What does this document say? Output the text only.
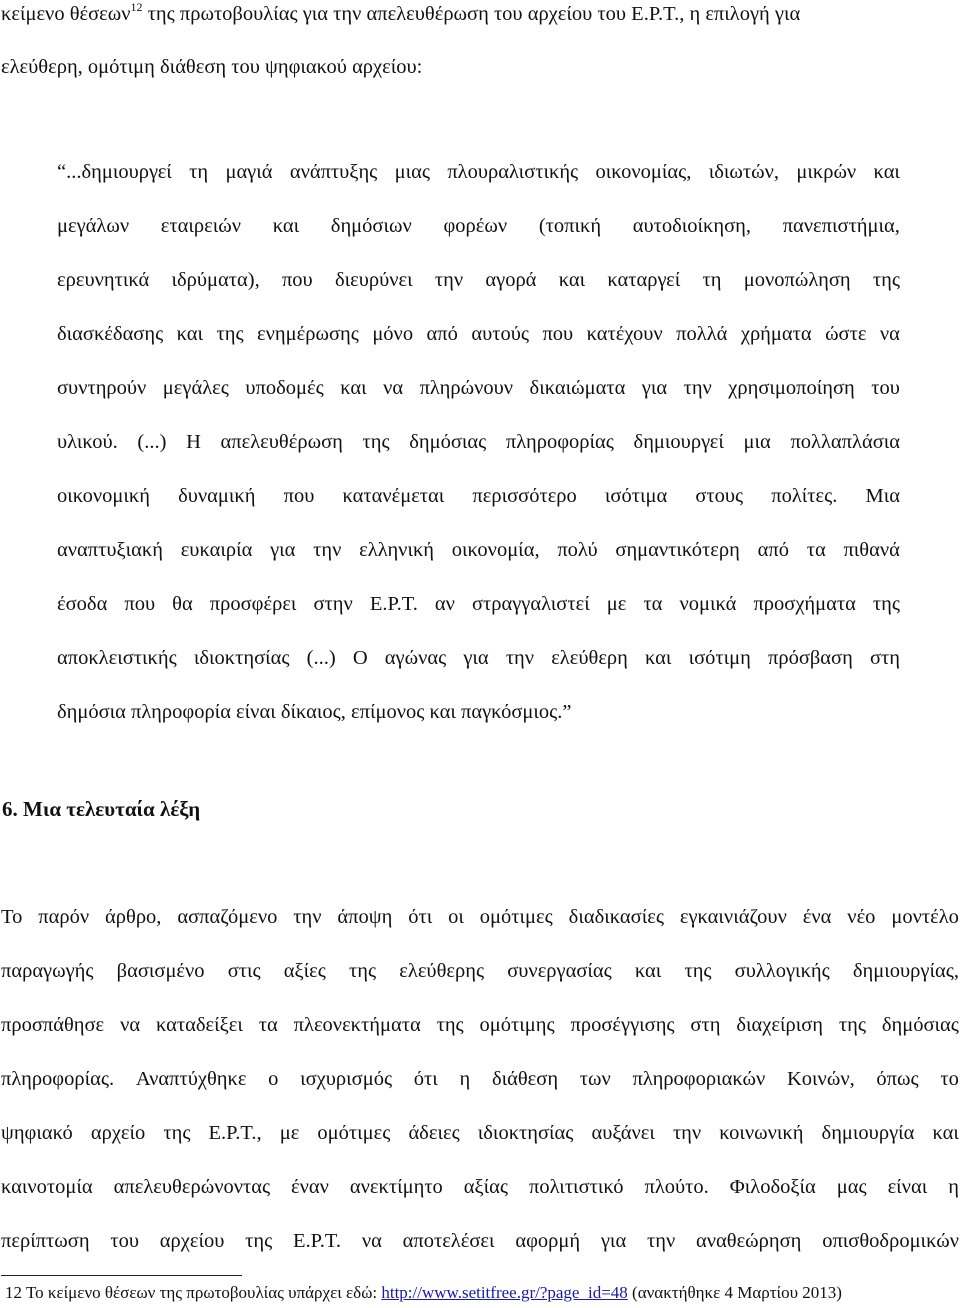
κείμενο θέσεων$^{12}$ της πρωτοβουλίας για την απελευθέρωση του αρχείου του Ε.Ρ.Τ., η επιλογή για
ελεύθερη, ομότιμη διάθεση του ψηφιακού αρχείου:
“...δημιουργεί τη μαγιά ανάπτυξης μιας πλουραλιστικής οικονομίας, ιδιωτών, μικρών και
μεγάλων εταιρειών και δημόσιων φορέων (τοπική αυτοδιοίκηση, πανεπιστήμια,
ερευνητικά ιδρύματα), που διευρύνει την αγορά και καταργεί τη μονοπώληση της
διασκέδασης και της ενημέρωσης μόνο από αυτούς που κατέχουν πολλά χρήματα ώστε να
συντηρούν μεγάλες υποδομές και να πληρώνουν δικαιώματα για την χρησιμοποίηση του
υλικού. (...) Η απελευθέρωση της δημόσιας πληροφορίας δημιουργεί μια πολλαπλάσια
οικονομική δυναμική που κατανέμεται περισσότερο ισότιμα στους πολίτες. Μια
αναπτυξιακή ευκαιρία για την ελληνική οικονομία, πολύ σημαντικότερη από τα πιθανά
έσοδα που θα προσφέρει στην Ε.Ρ.Τ. αν στραγγαλιστεί με τα νομικά προσχήματα της
αποκλειστικής ιδιοκτησίας (...) Ο αγώνας για την ελεύθερη και ισότιμη πρόσβαση στη
δημόσια πληροφορία είναι δίκαιος, επίμονος και παγκόσμιος.”
6. Μια τελευταία λέξη
Το παρόν άρθρο, ασπαζόμενο την άποψη ότι οι ομότιμες διαδικασίες εγκαινιάζουν ένα νέο μοντέλο
παραγωγής βασισμένο στις αξίες της ελεύθερης συνεργασίας και της συλλογικής δημιουργίας,
προσπάθησε να καταδείξει τα πλεονεκτήματα της ομότιμης προσέγγισης στη διαχείριση της δημόσιας
πληροφορίας. Αναπτύχθηκε ο ισχυρισμός ότι η διάθεση των πληροφοριακών Κοινών, όπως το
ψηφιακό αρχείο της Ε.Ρ.Τ., με ομότιμες άδειες ιδιοκτησίας αυξάνει την κοινωνική δημιουργία και
καινοτομία απελευθερώνοντας έναν ανεκτίμητο αξίας πολιτιστικό πλούτο. Φιλοδοξία μας είναι η
περίπτωση του αρχείου της Ε.Ρ.Τ. να αποτελέσει αφορμή για την αναθεώρηση οπισθοδρομικών
12 Το κείμενο θέσεων της πρωτοβουλίας υπάρχει εδώ: http://www.setitfree.gr/?page_id=48 (ανακτήθηκε 4 Μαρτίου 2013)
